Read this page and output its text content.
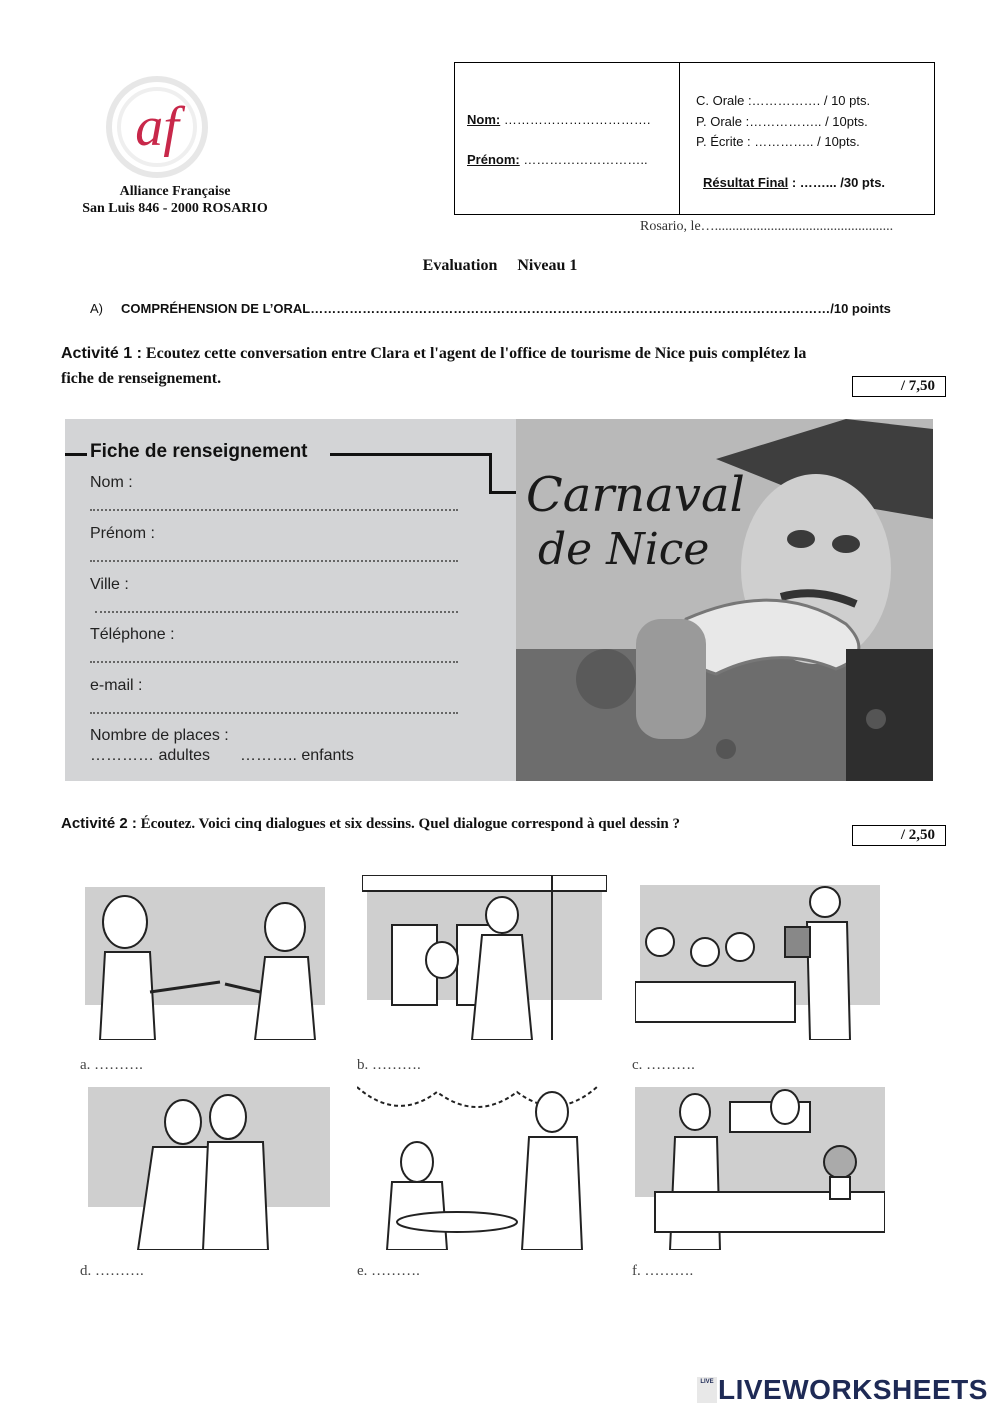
af
Alliance Française
San Luis 846 - 2000 ROSARIO
Nom: …………………………….
Prénom: ………………………..
C. Orale :……………. / 10 pts.
P. Orale :…………….. / 10pts.
P. Écrite : ………….. / 10pts.
Résultat Final : ……... /30 pts.
Rosario, le…...................................................
Evaluation     Niveau 1
A) COMPRÉHENSION DE L’ORAL…………………………………………………………………………………………………………/10 points
Activité 1 : Ecoutez cette conversation entre Clara et l'agent de l'office de tourisme de Nice puis complétez la
fiche de renseignement.	/ 7,50
Fiche de renseignement
Nom :
Prénom :
Ville :
Téléphone :
e-mail :
Nombre de places :
………… adultes ……….. enfants
Carnaval
de Nice
Activité 2 : Écoutez. Voici cinq dialogues et six dessins. Quel dialogue correspond à quel dessin ?
/ 2,50
a. ……….	b. ……….	c. ……….
d. ……….	e. ……….	f. ……….
LIVE LIVEWORKSHEETS
